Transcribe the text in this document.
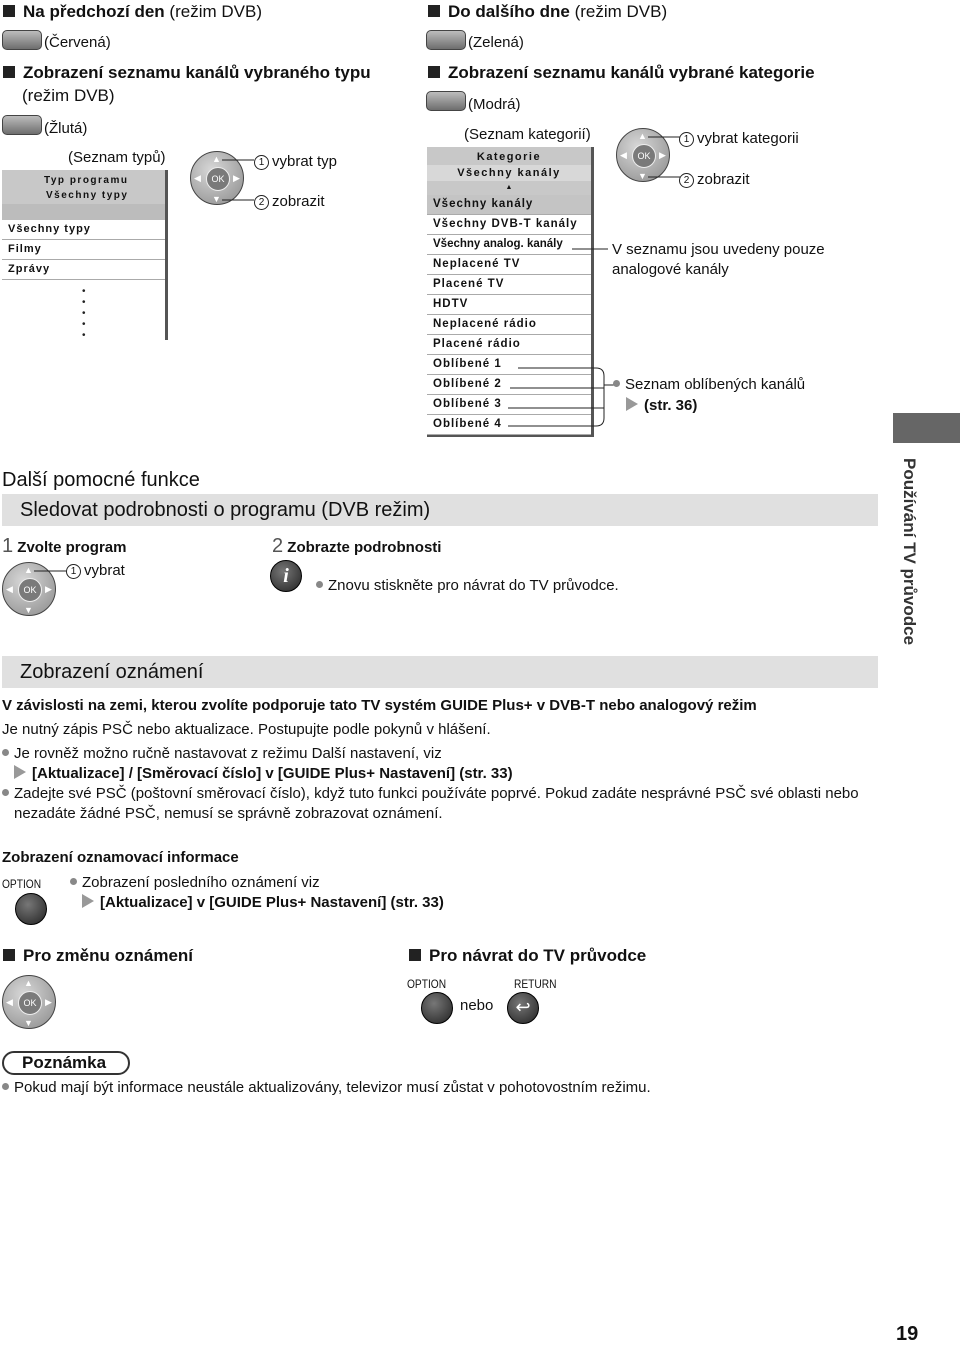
Na předchozí den (režim DVB)
(Červená)
Zobrazení seznamu kanálů vybraného typu
(režim DVB)
(Žlutá)
(Seznam typů)
Typ programu
Všechny typy
Všechny typy
Filmy
Zprávy
•
•
•
•
•
▲
▼
◀	▶
OK
1 vybrat typ
2 zobrazit
Do dalšího dne (režim DVB)
(Zelená)
Zobrazení seznamu kanálů vybrané kategorie
(Modrá)
(Seznam kategorií)
Kategorie
Všechny kanály
▲
Všechny kanály
Všechny DVB-T kanály
Všechny analog. kanály
Neplacené TV
Placené TV
HDTV
Neplacené rádio
Placené rádio
Oblíbené 1
Oblíbené 2
Oblíbené 3
Oblíbené 4
▲
▼
◀	▶
OK
1 vybrat kategorii
2 zobrazit
V seznamu jsou uvedeny pouze analogové kanály
Seznam oblíbených kanálů
(str. 36)
Používání TV průvodce
Další pomocné funkce
Sledovat podrobnosti o programu (DVB režim)
1 Zvolte program
▲
▼
◀	▶
OK
1 vybrat
2 Zobrazte podrobnosti
i	Znovu stiskněte pro návrat do TV průvodce.
Zobrazení oznámení
V závislosti na zemi, kterou zvolíte podporuje tato TV systém GUIDE Plus+ v DVB-T nebo analogový režim
Je nutný zápis PSČ nebo aktualizace. Postupujte podle pokynů v hlášení.
Je rovněž možno ručně nastavovat z režimu Další nastavení, viz
[Aktualizace] / [Směrovací číslo] v [GUIDE Plus+ Nastavení] (str. 33)
Zadejte své PSČ (poštovní směrovací číslo), když tuto funkci používáte poprvé. Pokud zadáte nesprávné PSČ své oblasti nebo
nezadáte žádné PSČ, nemusí se správně zobrazovat oznámení.
Zobrazení oznamovací informace
OPTION	Zobrazení posledního oznámení viz
[Aktualizace] v [GUIDE Plus+ Nastavení] (str. 33)
Pro změnu oznámení
▲
▼
◀	▶
OK
Pro návrat do TV průvodce
OPTION
nebo
RETURN
↩
Poznámka
Pokud mají být informace neustále aktualizovány, televizor musí zůstat v pohotovostním režimu.
19
